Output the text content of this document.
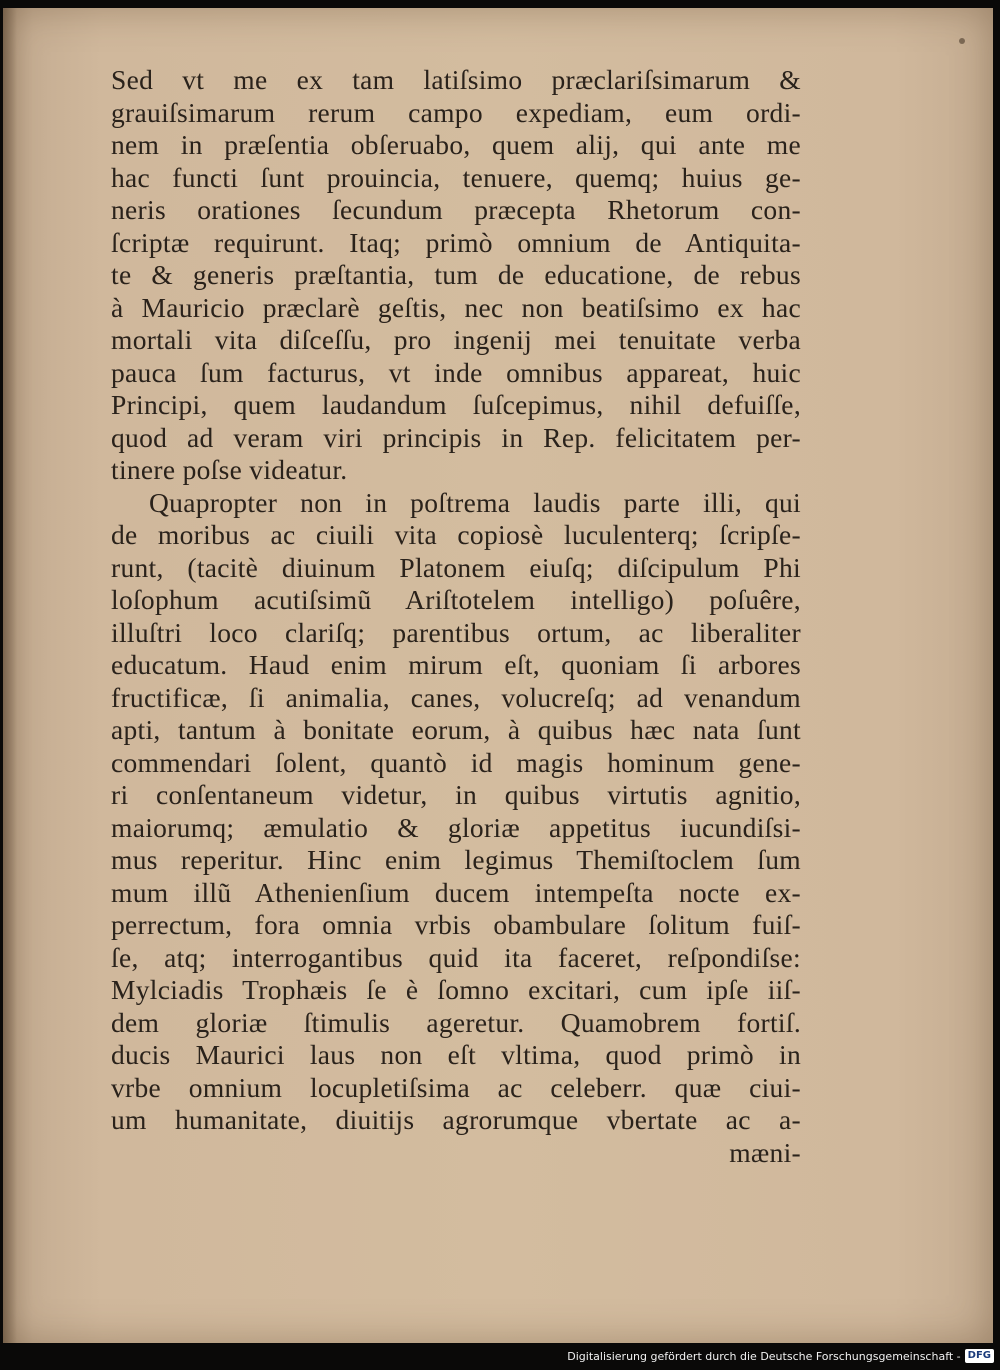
Sed vt me ex tam latiſsimo præclariſsimarum &
grauiſsimarum rerum campo expediam, eum ordi-
nem in præſentia obſeruabo, quem alij, qui ante me
hac functi ſunt prouincia, tenuere, quemq; huius ge-
neris orationes ſecundum præcepta Rhetorum con-
ſcriptæ requirunt. Itaq; primò omnium de Antiquita-
te & generis præſtantia, tum de educatione, de rebus
à Mauricio præclarè geſtis, nec non beatiſsimo ex hac
mortali vita diſceſſu, pro ingenij mei tenuitate verba
pauca ſum facturus, vt inde omnibus appareat, huic
Principi, quem laudandum ſuſcepimus, nihil defuiſſe,
quod ad veram viri principis in Rep. felicitatem per-
tinere poſse videatur.
Quapropter non in poſtrema laudis parte illi, qui
de moribus ac ciuili vita copiosè luculenterq; ſcripſe-
runt, (tacitè diuinum Platonem eiuſq; diſcipulum Phi
loſophum acutiſsimũ Ariſtotelem intelligo) poſuêre,
illuſtri loco clariſq; parentibus ortum, ac liberaliter
educatum. Haud enim mirum eſt, quoniam ſi arbores
fructificæ, ſi animalia, canes, volucreſq; ad venandum
apti, tantum à bonitate eorum, à quibus hæc nata ſunt
commendari ſolent, quantò id magis hominum gene-
ri conſentaneum videtur, in quibus virtutis agnitio,
maiorumq; æmulatio & gloriæ appetitus iucundiſsi-
mus reperitur. Hinc enim legimus Themiſtoclem ſum
mum illũ Athenienſium ducem intempeſta nocte ex-
perrectum, fora omnia vrbis obambulare ſolitum fuiſ-
ſe, atq; interrogantibus quid ita faceret, reſpondiſse:
Mylciadis Trophæis ſe è ſomno excitari, cum ipſe iiſ-
dem gloriæ ſtimulis ageretur. Quamobrem fortiſ.
ducis Maurici laus non eſt vltima, quod primò in
vrbe omnium locupletiſsima ac celeberr. quæ ciui-
um humanitate, diuitijs agrorumque vbertate ac a-
mæni-
Digitalisierung gefördert durch die Deutsche Forschungsgemeinschaft - DFG
